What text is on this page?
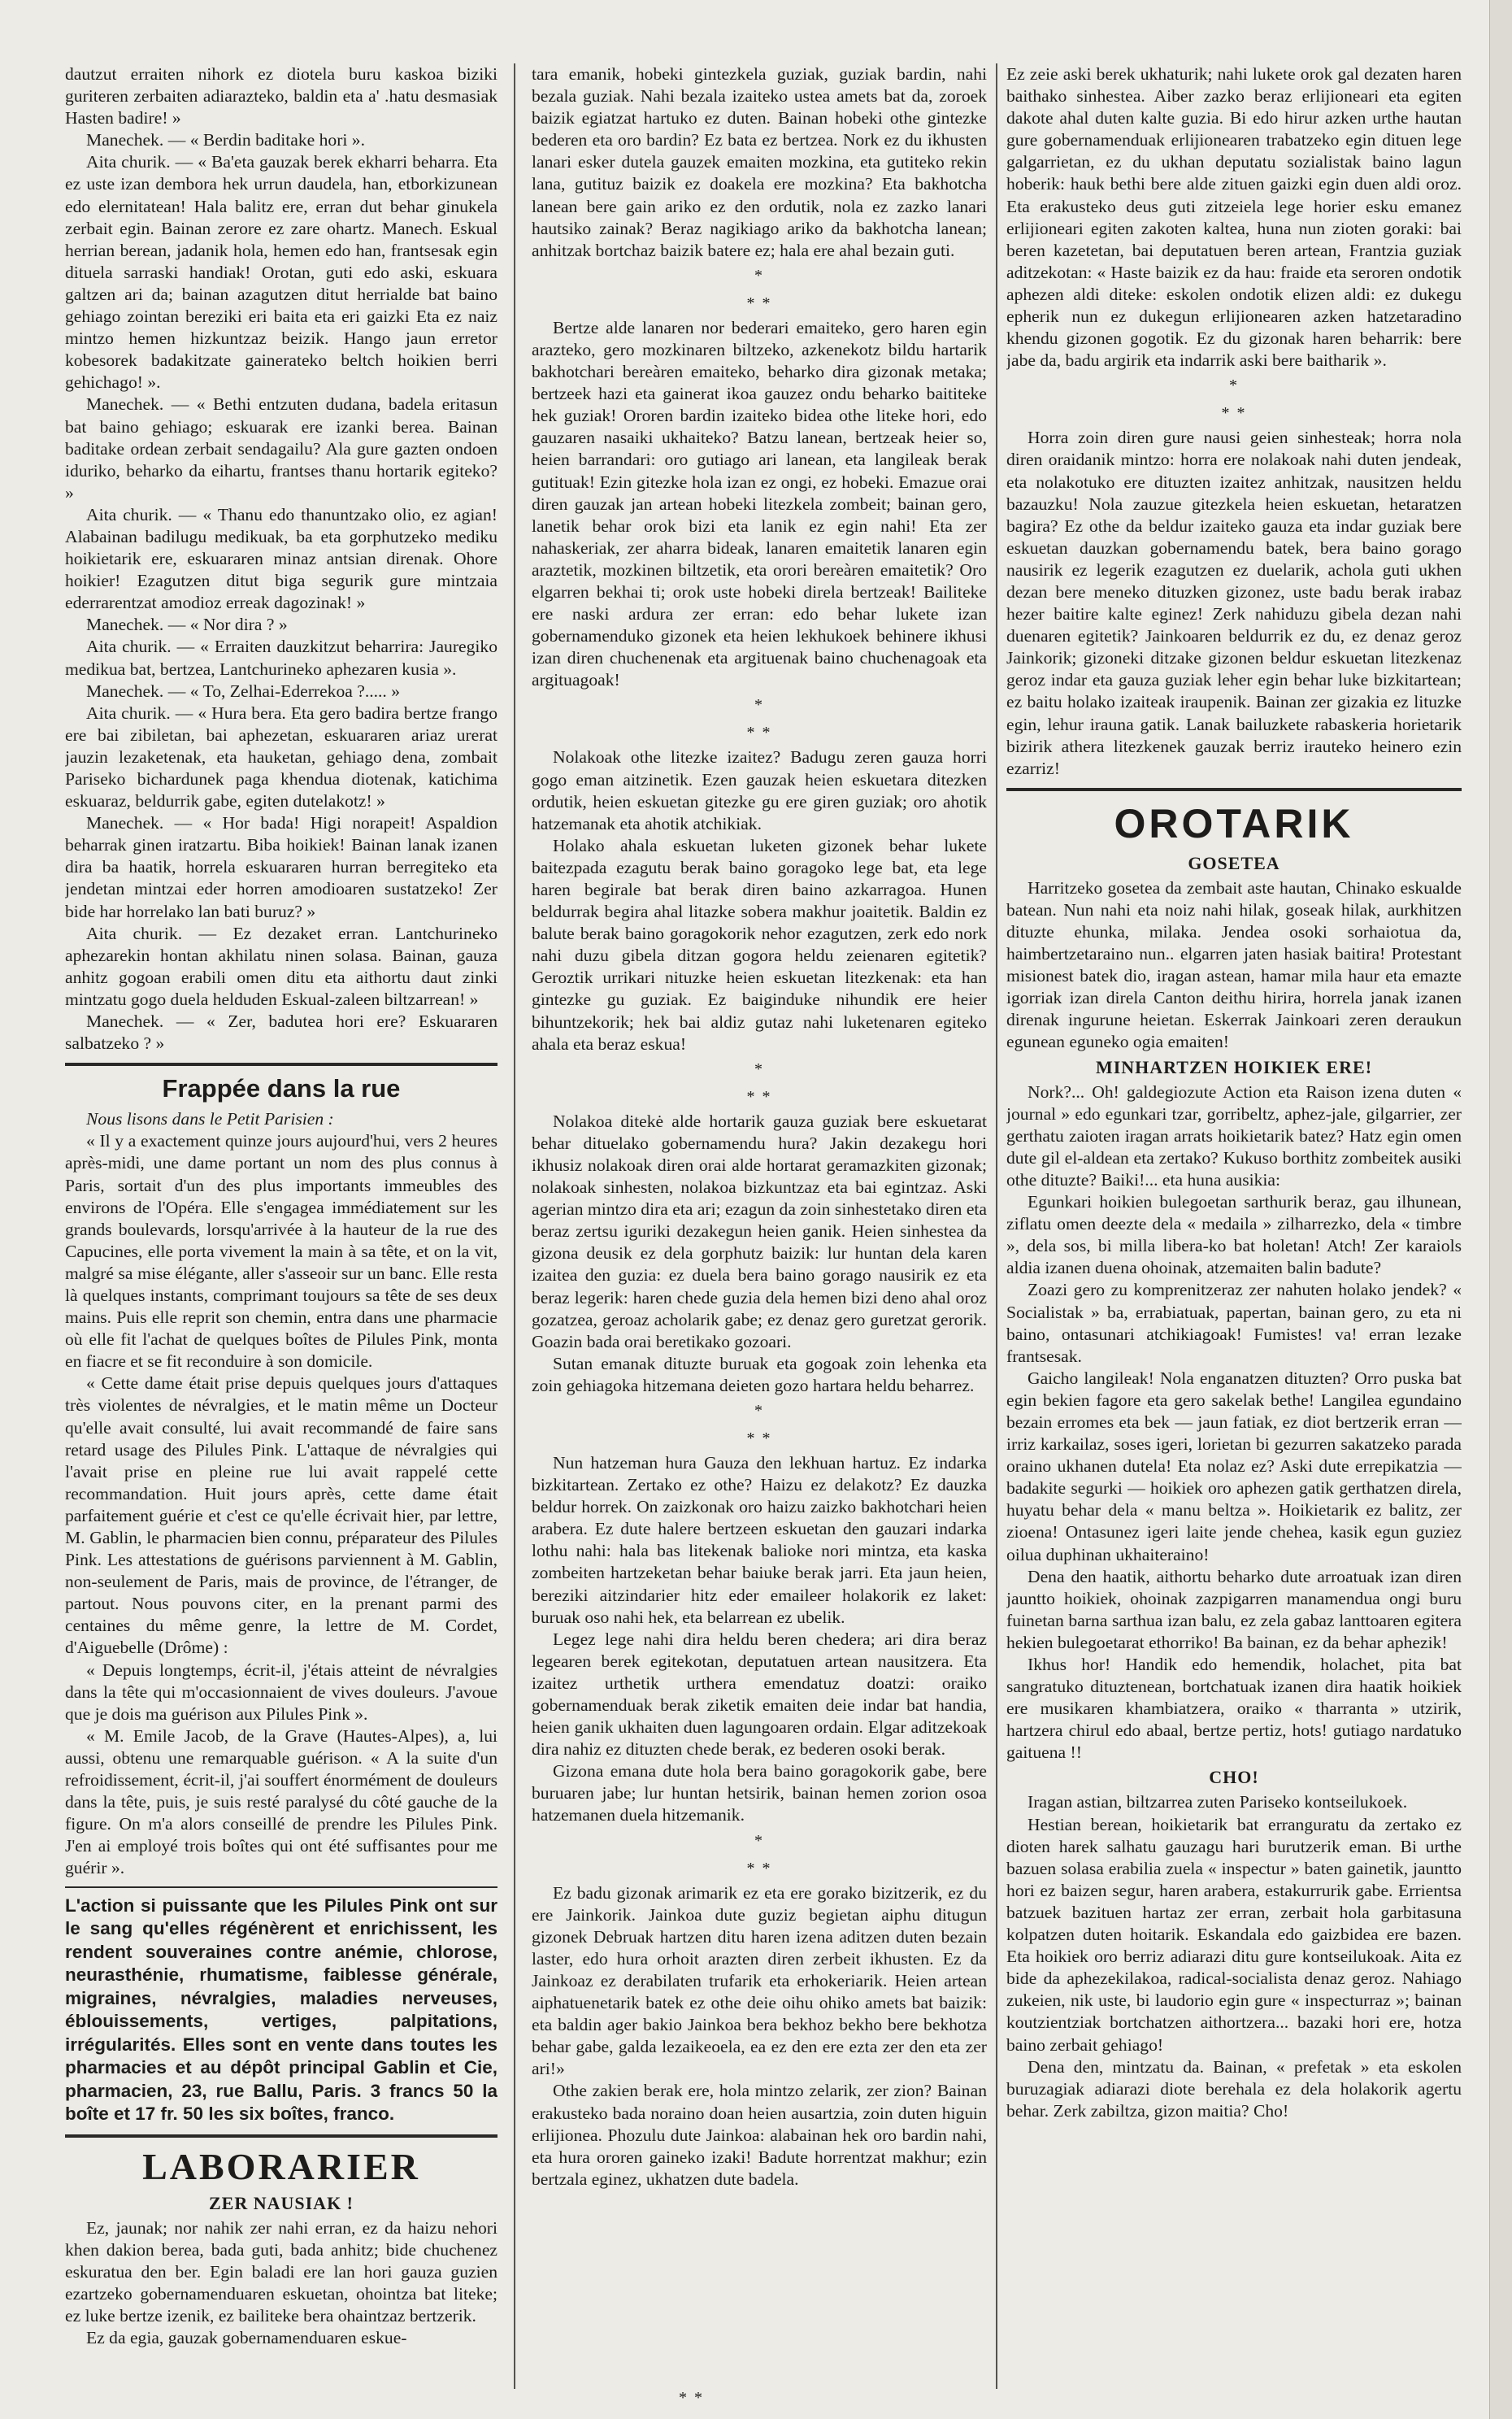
dautzut erraiten nihork ez diotela buru kaskoa biziki guriteren zerbaiten adiarazteko, baldin eta a' .hatu desmasiak Hasten badire! »

Manechek. — « Berdin baditake hori ».

Aita churik. — « Ba'eta gauzak berek ekharri beharra. Eta ez uste izan dembora hek urrun daudela, han, etborkizunean edo elernitatean! Hala balitz ere, erran dut behar ginukela zerbait egin. Bainan zerore ez zare ohartz. Manech. Eskual herrian berean, jadanik hola, hemen edo han, frantsesak egin dituela sarraski handiak! Orotan, guti edo aski, eskuara galtzen ari da; bainan azagutzen ditut herrialde bat baino gehiago zointan bereziki eri baita eta eri gaizki Eta ez naiz mintzo hemen hizkuntzaz beizik. Hango jaun erretor kobesorek badakitzate gainerateko beltch hoikien berri gehichago! ».

Manechek. — « Bethi entzuten dudana, badela eritasun bat baino gehiago; eskuarak ere izanki berea. Bainan baditake ordean zerbait sendagailu? Ala gure gazten ondoen iduriko, beharko da eihartu, frantses thanu hortarik egiteko? »

Aita churik. — « Thanu edo thanuntzako olio, ez agian! Alabainan badilugu medikuak, ba eta gorphutzeko mediku hoikietarik ere, eskuararen minaz antsian direnak. Ohore hoikier! Ezagutzen ditut biga segurik gure mintzaia ederrarentzat amodioz erreak dagozinak! »

Manechek. — « Nor dira ? »

Aita churik. — « Erraiten dauzkitzut beharrira: Jauregiko medikua bat, bertzea, Lantchurineko aphezaren kusia ».

Manechek. — « To, Zelhai-Ederrekoa ?..... »

Aita churik. — « Hura bera. Eta gero badira bertze frango ere bai zibiletan, bai aphezetan, eskuararen ariaz urerat jauzin lezaketenak, eta hauketan, gehiago dena, zombait Pariseko bichardunek paga khendua diotenak, katichima eskuaraz, beldurrik gabe, egiten dutelakotz! »

Manechek. — « Hor bada! Higi norapeit! Aspaldion beharrak ginen iratzartu. Biba hoikiek! Bainan lanak izanen dira ba haatik, horrela eskuararen hurran berregiteko eta jendetan mintzai eder horren amodioaren sustatzeko! Zer bide har horrelako lan bati buruz? »

Aita churik. — Ez dezaket erran. Lantchurineko aphezarekin hontan akhilatu ninen solasa. Bainan, gauza anhitz gogoan erabili omen ditu eta aithortu daut zinki mintzatu gogo duela helduden Eskual-zaleen biltzarrean! »

Manechek. — « Zer, badutea hori ere? Eskuararen salbatzeko ? »

Frappée dans la rue

Nous lisons dans le Petit Parisien :

« Il y a exactement quinze jours aujourd'hui, vers 2 heures après-midi, une dame portant un nom des plus connus à Paris, sortait d'un des plus importants immeubles des environs de l'Opéra. Elle s'engagea immédiatement sur les grands boulevards, lorsqu'arrivée à la hauteur de la rue des Capucines, elle porta vivement la main à sa tête, et on la vit, malgré sa mise élégante, aller s'asseoir sur un banc. Elle resta là quelques instants, comprimant toujours sa tête de ses deux mains. Puis elle reprit son chemin, entra dans une pharmacie où elle fit l'achat de quelques boîtes de Pilules Pink, monta en fiacre et se fit reconduire à son domicile.

« Cette dame était prise depuis quelques jours d'attaques très violentes de névralgies, et le matin même un Docteur qu'elle avait consulté, lui avait recommandé de faire sans retard usage des Pilules Pink. L'attaque de névralgies qui l'avait prise en pleine rue lui avait rappelé cette recommandation. Huit jours après, cette dame était parfaitement guérie et c'est ce qu'elle écrivait hier, par lettre, M. Gablin, le pharmacien bien connu, préparateur des Pilules Pink. Les attestations de guérisons parviennent à M. Gablin, non-seulement de Paris, mais de province, de l'étranger, de partout. Nous pouvons citer, en la prenant parmi des centaines du même genre, la lettre de M. Cordet, d'Aiguebelle (Drôme) :

« Depuis longtemps, écrit-il, j'étais atteint de névralgies dans la tête qui m'occasionnaient de vives douleurs. J'avoue que je dois ma guérison aux Pilules Pink ».

« M. Emile Jacob, de la Grave (Hautes-Alpes), a, lui aussi, obtenu une remarquable guérison. « A la suite d'un refroidissement, écrit-il, j'ai souffert énormément de douleurs dans la tête, puis, je suis resté paralysé du côté gauche de la figure. On m'a alors conseillé de prendre les Pilules Pink. J'en ai employé trois boîtes qui ont été suffisantes pour me guérir ».

L'action si puissante que les Pilules Pink ont sur le sang qu'elles régénèrent et enrichissent, les rendent souveraines contre anémie, chlorose, neurasthénie, rhumatisme, faiblesse générale, migraines, névralgies, maladies nerveuses, éblouissements, vertiges, palpitations, irrégularités. Elles sont en vente dans toutes les pharmacies et au dépôt principal Gablin et Cie, pharmacien, 23, rue Ballu, Paris. 3 francs 50 la boîte et 17 fr. 50 les six boîtes, franco.
LABORARIER
ZER NAUSIAK !

Ez, jaunak; nor nahik zer nahi erran, ez da haizu nehori khen dakion berea, bada guti, bada anhitz; bide chuchenez eskuratua den ber. Egin baladi ere lan hori gauza guzien ezartzeko gobernamenduaren eskuetan, ohointza bat liteke; ez luke bertze izenik, ez bailiteke bera ohaintzaz bertzerik.

Ez da egia, gauzak gobernamenduaren eskue-

tara emanik, hobeki gintezkela guziak, guziak bardin, nahi bezala guziak. Nahi bezala izaiteko ustea amets bat da, zoroek baizik egiatzat hartuko ez duten. Bainan hobeki othe gintezke bederen eta oro bardin? Ez bata ez bertzea. Nork ez du ikhusten lanari esker dutela gauzek emaiten mozkina, eta gutiteko rekin lana, gutituz baizik ez doakela ere mozkina? Eta bakhotcha lanean bere gain ariko ez den ordutik, nola ez zazko lanari hautsiko zainak? Beraz nagikiago ariko da bakhotcha lanean; anhitzak bortchaz baizik batere ez; hala ere ahal bezain guti.

*
* *

Bertze alde lanaren nor bederari emaiteko, gero haren egin arazteko, gero mozkinaren biltzeko, azkenekotz bildu hartarik bakhotchari bereàren emaiteko, beharko dira gizonak metaka; bertzeek hazi eta gainerat ikoa gauzez ondu beharko baititeke hek guziak! Ororen bardin izaiteko bidea othe liteke hori, edo gauzaren nasaiki ukhaiteko? Batzu lanean, bertzeak heier so, heien barrandari: oro gutiago ari lanean, eta langileak berak gutituak! Ezin gitezke hola izan ez ongi, ez hobeki. Emazue orai diren gauzak jan artean hobeki litezkela zombeit; bainan gero, lanetik behar orok bizi eta lanik ez egin nahi! Eta zer nahaskeriak, zer aharra bideak, lanaren emaitetik lanaren egin araztetik, mozkinen biltzetik, eta orori bereàren emaitetik? Oro elgarren bekhai ti; orok uste hobeki direla bertzeak! Bailiteke ere naski ardura zer erran: edo behar lukete izan gobernamenduko gizonek eta heien lekhukoek behinere ikhusi izan diren chuchenenak eta argituenak baino chuchenagoak eta argituagoak!

*
* *

Nolakoak othe litezke izaitez? Badugu zeren gauza horri gogo eman aitzinetik. Ezen gauzak heien eskuetara ditezken ordutik, heien eskuetan gitezke gu ere giren guziak; oro ahotik hatzemanak eta ahotik atchikiak.

Holako ahala eskuetan luketen gizonek behar lukete baitezpada ezagutu berak baino goragoko lege bat, eta lege haren begirale bat berak diren baino azkarragoa. Hunen beldurrak begira ahal litazke sobera makhur joaitetik. Baldin ez balute berak baino goragokorik nehor ezagutzen, zerk edo nork nahi duzu gibela ditzan gogora heldu zeienaren egitetik? Geroztik urrikari nituzke heien eskuetan litezkenak: eta han gintezke gu guziak. Ez baiginduke nihundik ere heier bihuntzekorik; hek bai aldiz gutaz nahi luketenaren egiteko ahala eta beraz eskua!

*
* *

Nolakoa ditekė alde hortarik gauza guziak bere eskuetarat behar dituelako gobernamendu hura? Jakin dezakegu hori ikhusiz nolakoak diren orai alde hortarat geramazkiten gizonak; nolakoak sinhesten, nolakoa bizkuntzaz eta bai egintzaz. Aski agerian mintzo dira eta ari; ezagun da zoin sinhestetako diren eta beraz zertsu iguriki dezakegun heien ganik. Heien sinhestea da gizona deusik ez dela gorphutz baizik: lur huntan dela karen izaitea den guzia: ez duela bera baino gorago nausirik ez eta beraz legerik: haren chede guzia dela hemen bizi deno ahal oroz gozatzea, geroaz acholarik gabe; ez denaz gero guretzat gerorik. Goazin bada orai beretikako gozoari.

Sutan emanak dituzte buruak eta gogoak zoin lehenka eta zoin gehiagoka hitzemana deieten gozo hartara heldu beharrez.

*
* *

Nun hatzeman hura Gauza den lekhuan hartuz. Ez indarka bizkitartean. Zertako ez othe? Haizu ez delakotz? Ez dauzka beldur horrek. On zaizkonak oro haizu zaizko bakhotchari heien arabera. Ez dute halere bertzeen eskuetan den gauzari indarka lothu nahi: hala bas litekenak balioke nori mintza, eta kaska zombeiten hartzeketan behar baiuke berak jarri. Eta jaun heien, bereziki aitzindarier hitz eder emaileer holakorik ez laket: buruak oso nahi hek, eta belarrean ez ubelik.

Legez lege nahi dira heldu beren chedera; ari dira beraz legearen berek egitekotan, deputatuen artean nausitzera. Eta izaitez urthetik urthera emendatuz doatzi: oraiko gobernamenduak berak ziketik emaiten deie indar bat handia, heien ganik ukhaiten duen lagungoaren ordain. Elgar aditzekoak dira nahiz ez dituzten chede berak, ez bederen osoki berak.

Gizona emana dute hola bera baino goragokorik gabe, bere buruaren jabe; lur huntan hetsirik, bainan hemen zorion osoa hatzemanen duela hitzemanik.

*
* *

Ez badu gizonak arimarik ez eta ere gorako bizitzerik, ez du ere Jainkorik. Jainkoa dute guziz begietan aiphu ditugun gizonek Debruak hartzen ditu haren izena aditzen duten bezain laster, edo hura orhoit arazten diren zerbeit ikhusten. Ez da Jainkoaz ez derabilaten trufarik eta erhokeriarik. Heien artean aiphatuenetarik batek ez othe deie oihu ohiko amets bat baizik: eta baldin ager bakio Jainkoa bera bekhoz bekho bere bekhotza behar gabe, galda lezaikeoela, ea ez den ere ezta zer den eta zer ari!»

Othe zakien berak ere, hola mintzo zelarik, zer zion? Bainan erakusteko bada noraino doan heien ausartzia, zoin duten higuin erlijionea. Phozulu dute Jainkoa: alabainan hek oro bardin nahi, eta hura ororen gaineko izaki! Badute horrentzat makhur; ezin bertzala eginez, ukhatzen dute badela.

Ez zeie aski berek ukhaturik; nahi lukete orok gal dezaten haren baithako sinhestea. Aiber zazko beraz erlijioneari eta egiten dakote ahal duten kalte guzia. Bi edo hirur azken urthe hautan gure gobernamenduak erlijionearen trabatzeko egin dituen lege galgarrietan, ez du ukhan deputatu sozialistak baino lagun hoberik: hauk bethi bere alde zituen gaizki egin duen aldi oroz. Eta erakusteko deus guti zitzeiela lege horier esku emanez erlijioneari egiten zakoten kaltea, huna nun zioten goraki: bai beren kazetetan, bai deputatuen beren artean, Frantzia guziak aditzekotan: « Haste baizik ez da hau: fraide eta seroren ondotik aphezen aldi diteke: eskolen ondotik elizen aldi: ez dukegu epherik nun ez dukegun erlijionearen azken hatzetaradino khendu gizonen gogotik. Ez du gizonak haren beharrik: bere jabe da, badu argirik eta indarrik aski bere baitharik ».

*
* *

Horra zoin diren gure nausi geien sinhesteak; horra nola diren oraidanik mintzo: horra ere nolakoak nahi duten jendeak, eta nolakotuko ere dituzten izaitez anhitzak, nausitzen heldu bazauzku! Nola zauzue gitezkela heien eskuetan, hetaratzen bagira? Ez othe da beldur izaiteko gauza eta indar guziak bere eskuetan dauzkan gobernamendu batek, bera baino gorago nausirik ez legerik ezagutzen ez duelarik, achola guti ukhen dezan bere meneko dituzken gizonez, uste badu berak irabaz hezer baitire kalte eginez! Zerk nahiduzu gibela dezan nahi duenaren egitetik? Jainkoaren beldurrik ez du, ez denaz geroz Jainkorik; gizoneki ditzake gizonen beldur eskuetan litezkenaz geroz indar eta gauza guziak leher egin behar luke bizkitartean; ez baitu holako izaiteak iraupenik. Bainan zer gizakia ez lituzke egin, lehur irauna gatik. Lanak bailuzkete rabaskeria horietarik bizirik athera litezkenek gauzak berriz irauteko heinero ezin ezarriz!

OROTARIK
GOSETEA

Harritzeko gosetea da zembait aste hautan, Chinako eskualde batean. Nun nahi eta noiz nahi hilak, goseak hilak, aurkhitzen dituzte ehunka, milaka. Jendea osoki sorhaiotua da, haimbertzetaraino nun.. elgarren jaten hasiak baitira! Protestant misionest batek dio, iragan astean, hamar mila haur eta emazte igorriak izan direla Canton deithu hirira, horrela janak izanen direnak ingurune heietan. Eskerrak Jainkoari zeren deraukun egunean eguneko ogia emaiten!

MINHARTZEN HOIKIEK ERE!

Nork?... Oh! galdegiozute Action eta Raison izena duten « journal » edo egunkari tzar, gorribeltz, aphez-jale, gilgarrier, zer gerthatu zaioten iragan arrats hoikietarik batez? Hatz egin omen dute gil el-aldean eta zertako? Kukuso borthitz zombeitek ausiki othe dituzte? Baiki!... eta huna ausikia:

Egunkari hoikien bulegoetan sarthurik beraz, gau ilhunean, ziflatu omen deezte dela « medaila » zilharrezko, dela « timbre », dela sos, bi milla libera-ko bat holetan! Atch! Zer karaiols aldia izanen duena ohoinak, atzemaiten balin badute?

Zoazi gero zu komprenitzeraz zer nahuten holako jendek? « Socialistak » ba, errabiatuak, papertan, bainan gero, zu eta ni baino, ontasunari atchikiagoak! Fumistes! va! erran lezake frantsesak.

Gaicho langileak! Nola enganatzen dituzten? Orro puska bat egin bekien fagore eta gero sakelak bethe! Langilea egundaino bezain erromes eta bek — jaun fatiak, ez diot bertzerik erran — irriz karkailaz, soses igeri, lorietan bi gezurren sakatzeko parada oraino ukhanen dutela! Eta nolaz ez? Aski dute errepikatzia — badakite segurki — hoikiek oro aphezen gatik gerthatzen direla, huyatu behar dela « manu beltza ». Hoikietarik ez balitz, zer zioena! Ontasunez igeri laite jende chehea, kasik egun guziez oilua duphinan ukhaiteraino!

Dena den haatik, aithortu beharko dute arroatuak izan diren jauntto hoikiek, ohoinak zazpigarren manamendua ongi buru fuinetan barna sarthua izan balu, ez zela gabaz lanttoaren egitera hekien bulegoetarat ethorriko! Ba bainan, ez da behar aphezik!

Ikhus hor! Handik edo hemendik, holachet, pita bat sangratuko dituztenean, bortchatuak izanen dira haatik hoikiek ere musikaren khambiatzera, oraiko « tharranta » utzirik, hartzera chirul edo abaal, bertze pertiz, hots! gutiago nardatuko gaituena !!

CHO!

Iragan astian, biltzarrea zuten Pariseko kontseilukoek.

Hestian berean, hoikietarik bat erranguratu da zertako ez dioten harek salhatu gauzagu hari burutzerik eman. Bi urthe bazuen solasa erabilia zuela « inspectur » baten gainetik, jauntto hori ez baizen segur, haren arabera, estakurrurik gabe. Errientsa batzuek bazituen hartaz zer erran, zerbait hola garbitasuna kolpatzen duten hoitarik. Eskandala edo gaizbidea ere bazen. Eta hoikiek oro berriz adiarazi ditu gure kontseilukoak. Aita ez bide da aphezekilakoa, radical-socialista denaz geroz. Nahiago zukeien, nik uste, bi laudorio egin gure « inspecturraz »; bainan koutzientziak bortchatzen aithortzera... bazaki hori ere, hotza baino zerbait gehiago!

Dena den, mintzatu da. Bainan, « prefetak » eta eskolen buruzagiak adiarazi diote berehala ez dela holakorik agertu behar. Zerk zabiltza, gizon maitia? Cho!

* *
